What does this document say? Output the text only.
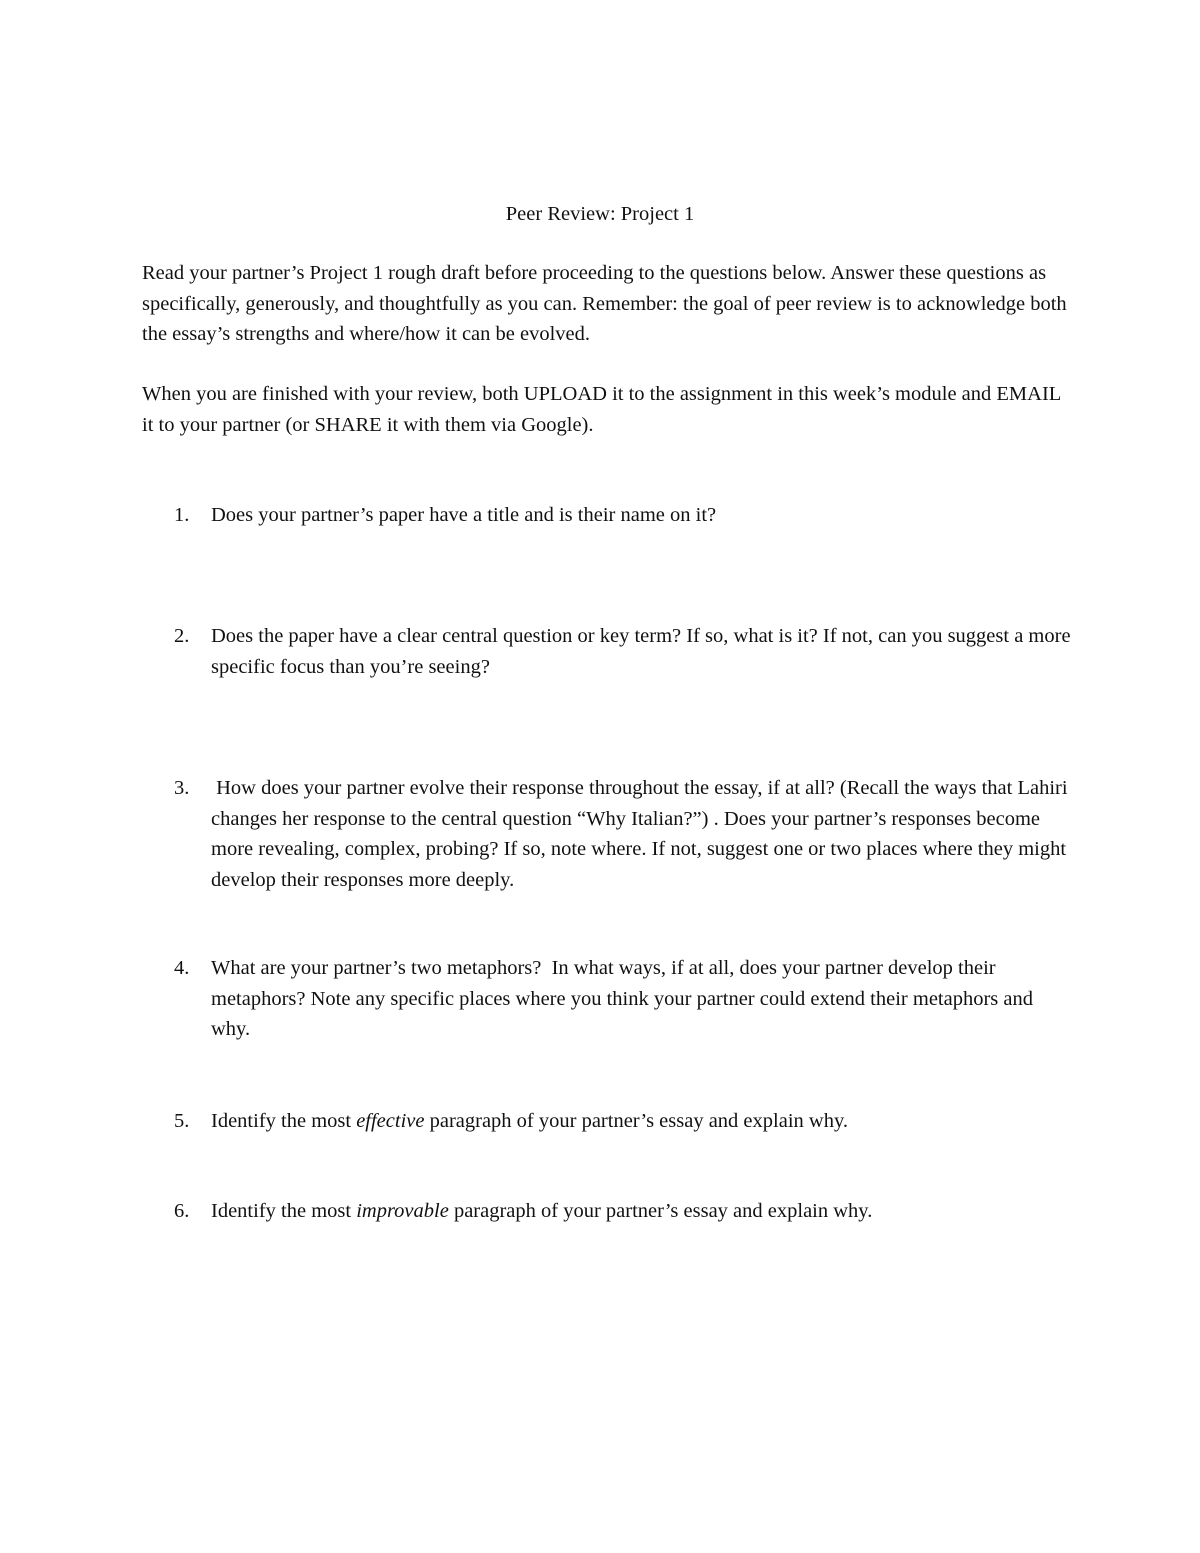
Peer Review: Project 1

Read your partner’s Project 1 rough draft before proceeding to the questions below. Answer these questions as specifically, generously, and thoughtfully as you can. Remember: the goal of peer review is to acknowledge both the essay’s strengths and where/how it can be evolved.

When you are finished with your review, both UPLOAD it to the assignment in this week’s module and EMAIL it to your partner (or SHARE it with them via Google).

1.	Does your partner’s paper have a title and is their name on it?
2.	Does the paper have a clear central question or key term? If so, what is it? If not, can you suggest a more specific focus than you’re seeing?
3.	How does your partner evolve their response throughout the essay, if at all? (Recall the ways that Lahiri changes her response to the central question “Why Italian?”) . Does your partner’s responses become more revealing, complex, probing? If so, note where. If not, suggest one or two places where they might develop their responses more deeply.
4.	What are your partner’s two metaphors?  In what ways, if at all, does your partner develop their metaphors? Note any specific places where you think your partner could extend their metaphors and why.
5.	Identify the most effective paragraph of your partner’s essay and explain why.
6.	Identify the most improvable paragraph of your partner’s essay and explain why.
